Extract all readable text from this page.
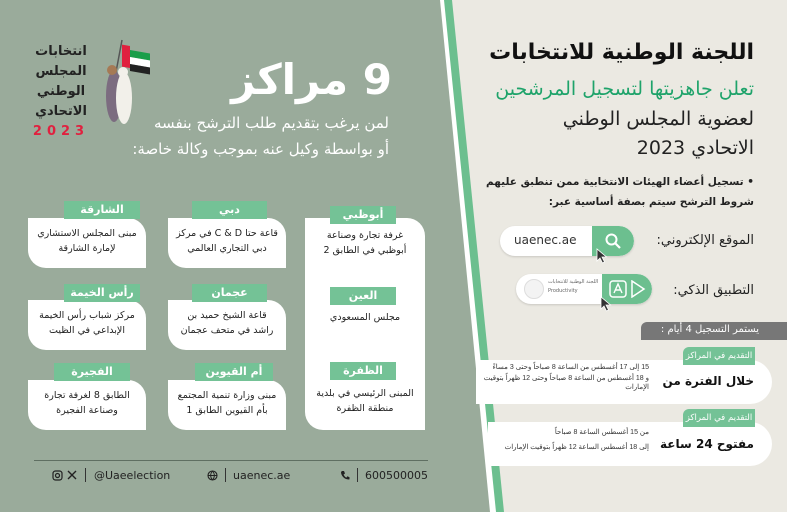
انتخابات
المجلس
الوطني
الاتحادي
2023
9 مراكز
لمن يرغب بتقديم طلب الترشح بنفسه
أو بواسطة وكيل عنه بموجب وكالة خاصة:
أبوظبي
غرفة تجارة وصناعة أبوظبي في الطابق 2
العين
مجلس المسعودي
الظفرة
المبنى الرئيسي في بلدية منطقة الظفرة
قاعة حتا C & D في مركز دبي التجاري العالمي
دبي
قاعة الشيخ حميد بن راشد في متحف عجمان
عجمان
مبنى وزارة تنمية المجتمع بأم القيوين الطابق 1
أم القيوين
مبنى المجلس الاستشاري لإمارة الشارقة
الشارقة
مركز شباب رأس الخيمة الإبداعي في الظيت
رأس الخيمة
الطابق 8 لغرفة تجارة وصناعة الفجيرة
الفجيرة
@Uaeelection	uaenec.ae	600500005
اللجنة الوطنية للانتخابات
تعلن جاهزيتها لتسجيل المرشحين
لعضوية المجلس الوطني
الاتحادي 2023
• تسجيل أعضاء الهيئات الانتخابية ممن تنطبق عليهم
شروط الترشح سيتم بصفة أساسية عبر:
الموقع الإلكتروني:
uaenec.ae
التطبيق الذكي:
اللجنة الوطنية للانتخابات
Productivity
يستمر التسجيل 4 أيام :
التقديم في المراكز
خلال الفترة من
15 إلى 17 أغسطس من الساعة 8 صباحاً وحتى 3 مساءً
و 18 أغسطس من الساعة 8 صباحاً وحتى 12 ظهراً بتوقيت الإمارات
التقديم في المراكز
مفتوح 24 ساعة
من 15 أغسطس الساعة 8 صباحاً
إلى 18 أغسطس الساعة 12 ظهراً بتوقيت الإمارات
